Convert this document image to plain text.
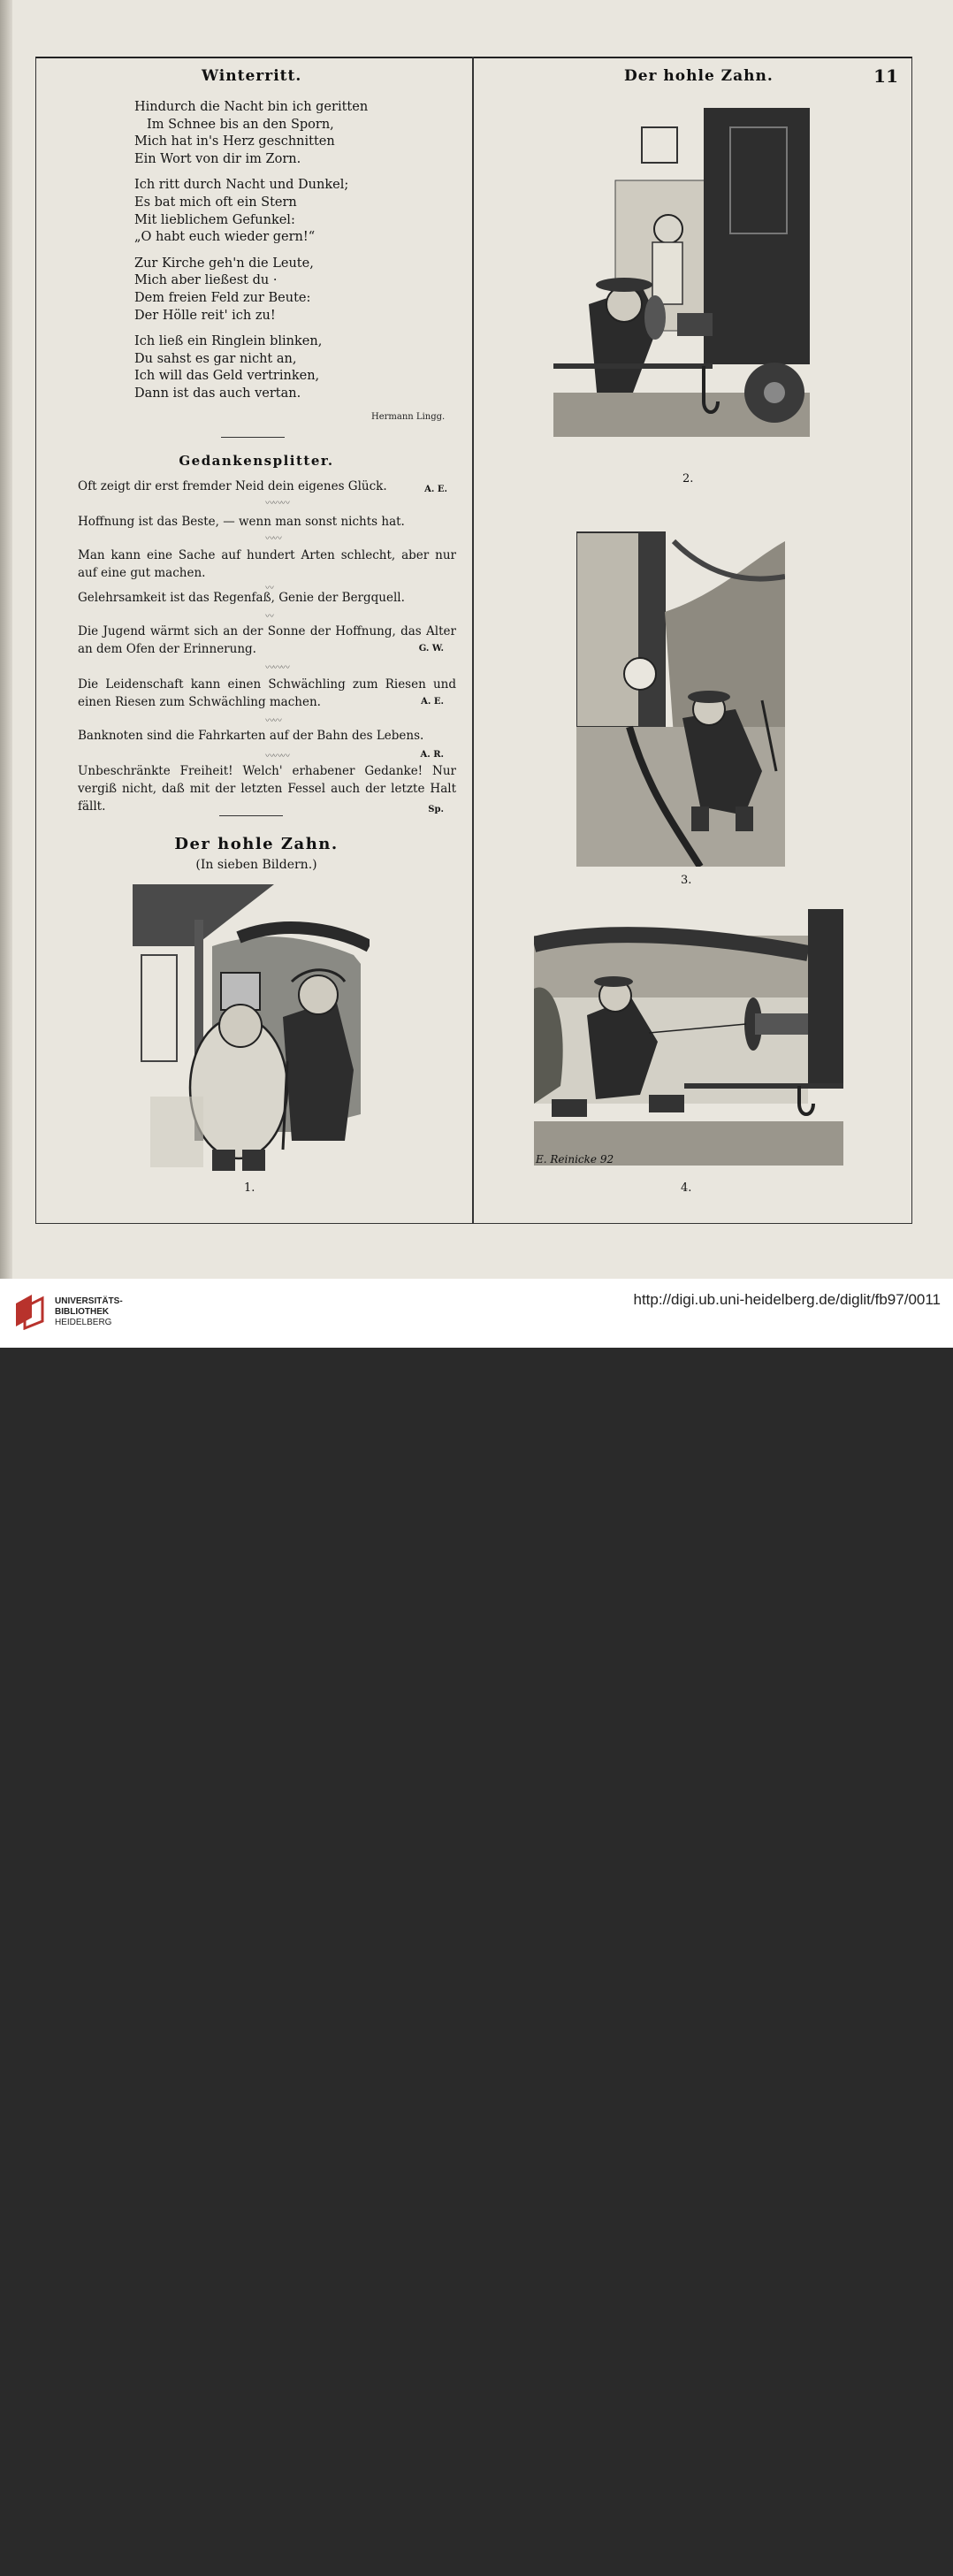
Winterritt.	Der hohle Zahn.	11
Hindurch die Nacht bin ich geritten
Im Schnee bis an den Sporn,
Mich hat in's Herz geschnitten
Ein Wort von dir im Zorn.
Ich ritt durch Nacht und Dunkel;
Es bat mich oft ein Stern
Mit lieblichem Gefunkel:
„O habt euch wieder gern!“
Zur Kirche geh'n die Leute,
Mich aber ließest du ·
Dem freien Feld zur Beute:
Der Hölle reit' ich zu!
Ich ließ ein Ringlein blinken,
Du sahst es gar nicht an,
Ich will das Geld vertrinken,
Dann ist das auch vertan.
Hermann Lingg.
Gedankensplitter.
Oft zeigt dir erst fremder Neid dein eigenes Glück.	A. E.
〰〰〰
Hoffnung ist das Beste, — wenn man sonst nichts hat.
〰〰
Man kann eine Sache auf hundert Arten schlecht, aber nur auf eine gut machen.
〰
Gelehrsamkeit ist das Regenfaß, Genie der Bergquell.
〰
Die Jugend wärmt sich an der Sonne der Hoffnung, das Alter an dem Ofen der Erinnerung.	G. W.
〰〰〰
Die Leidenschaft kann einen Schwächling zum Riesen und einen Riesen zum Schwächling machen.	A. E.
〰〰
Banknoten sind die Fahrkarten auf der Bahn des Lebens.
A. R.
〰〰〰
Unbeschränkte Freiheit! Welch' erhabener Gedanke! Nur vergiß nicht, daß mit der letzten Fessel auch der letzte Halt fällt.	Sp.
Der hohle Zahn.
(In sieben Bildern.)
1.
2.
3.
E. Reinicke 92
4.
UNIVERSITÄTS-
BIBLIOTHEK
HEIDELBERG
http://digi.ub.uni-heidelberg.de/diglit/fb97/0011
